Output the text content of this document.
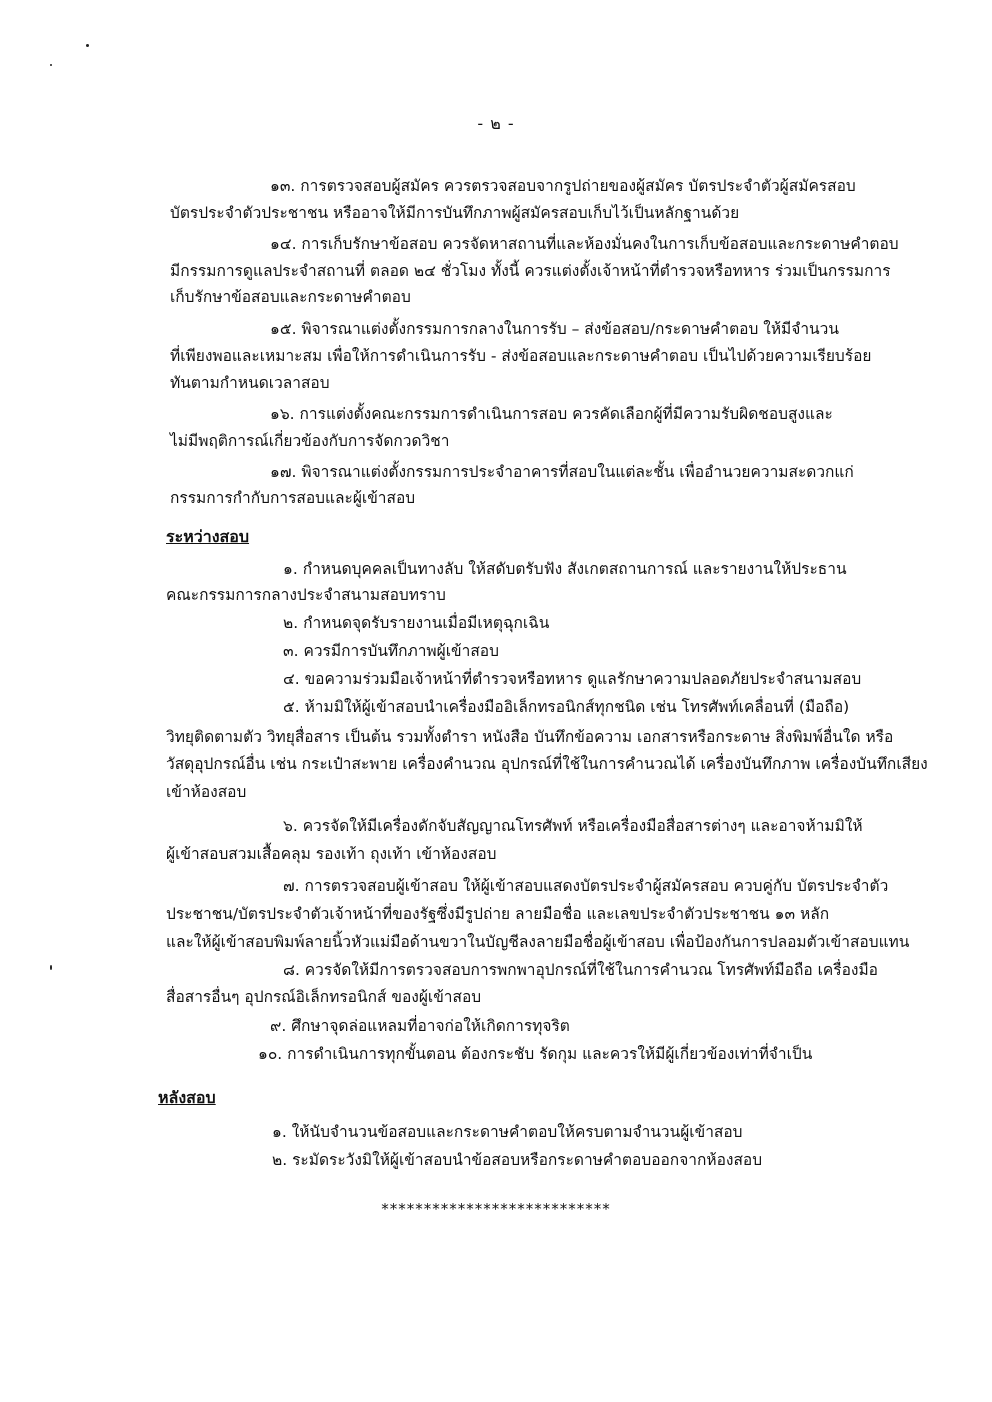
- ๒ -
๑๓. การตรวจสอบผู้สมัคร ควรตรวจสอบจากรูปถ่ายของผู้สมัคร บัตรประจำตัวผู้สมัครสอบ
บัตรประจำตัวประชาชน หรืออาจให้มีการบันทึกภาพผู้สมัครสอบเก็บไว้เป็นหลักฐานด้วย
๑๔. การเก็บรักษาข้อสอบ ควรจัดหาสถานที่และห้องมั่นคงในการเก็บข้อสอบและกระดาษคำตอบ
มีกรรมการดูแลประจำสถานที่ ตลอด ๒๔ ชั่วโมง ทั้งนี้ ควรแต่งตั้งเจ้าหน้าที่ตำรวจหรือทหาร ร่วมเป็นกรรมการ
เก็บรักษาข้อสอบและกระดาษคำตอบ
๑๕. พิจารณาแต่งตั้งกรรมการกลางในการรับ – ส่งข้อสอบ/กระดาษคำตอบ ให้มีจำนวน
ที่เพียงพอและเหมาะสม เพื่อให้การดำเนินการรับ - ส่งข้อสอบและกระดาษคำตอบ เป็นไปด้วยความเรียบร้อย
ทันตามกำหนดเวลาสอบ
๑๖. การแต่งตั้งคณะกรรมการดำเนินการสอบ ควรคัดเลือกผู้ที่มีความรับผิดชอบสูงและ
ไม่มีพฤติการณ์เกี่ยวข้องกับการจัดกวดวิชา
๑๗. พิจารณาแต่งตั้งกรรมการประจำอาคารที่สอบในแต่ละชั้น เพื่ออำนวยความสะดวกแก่
กรรมการกำกับการสอบและผู้เข้าสอบ
ระหว่างสอบ
๑. กำหนดบุคคลเป็นทางลับ ให้สดับตรับฟัง สังเกตสถานการณ์ และรายงานให้ประธาน
คณะกรรมการกลางประจำสนามสอบทราบ
๒. กำหนดจุดรับรายงานเมื่อมีเหตุฉุกเฉิน
๓. ควรมีการบันทึกภาพผู้เข้าสอบ
๔. ขอความร่วมมือเจ้าหน้าที่ตำรวจหรือทหาร ดูแลรักษาความปลอดภัยประจำสนามสอบ
๕. ห้ามมิให้ผู้เข้าสอบนำเครื่องมืออิเล็กทรอนิกส์ทุกชนิด เช่น โทรศัพท์เคลื่อนที่ (มือถือ)
วิทยุติดตามตัว วิทยุสื่อสาร เป็นต้น รวมทั้งตำรา หนังสือ บันทึกข้อความ เอกสารหรือกระดาษ สิ่งพิมพ์อื่นใด หรือ
วัสดุอุปกรณ์อื่น เช่น กระเป๋าสะพาย เครื่องคำนวณ อุปกรณ์ที่ใช้ในการคำนวณได้ เครื่องบันทึกภาพ เครื่องบันทึกเสียง
เข้าห้องสอบ
๖. ควรจัดให้มีเครื่องดักจับสัญญาณโทรศัพท์ หรือเครื่องมือสื่อสารต่างๆ และอาจห้ามมิให้
ผู้เข้าสอบสวมเสื้อคลุม รองเท้า ถุงเท้า เข้าห้องสอบ
๗. การตรวจสอบผู้เข้าสอบ ให้ผู้เข้าสอบแสดงบัตรประจำผู้สมัครสอบ ควบคู่กับ บัตรประจำตัว
ประชาชน/บัตรประจำตัวเจ้าหน้าที่ของรัฐซึ่งมีรูปถ่าย ลายมือชื่อ และเลขประจำตัวประชาชน ๑๓ หลัก
และให้ผู้เข้าสอบพิมพ์ลายนิ้วหัวแม่มือด้านขวาในบัญชีลงลายมือชื่อผู้เข้าสอบ เพื่อป้องกันการปลอมตัวเข้าสอบแทน
๘. ควรจัดให้มีการตรวจสอบการพกพาอุปกรณ์ที่ใช้ในการคำนวณ โทรศัพท์มือถือ เครื่องมือ
สื่อสารอื่นๆ อุปกรณ์อิเล็กทรอนิกส์ ของผู้เข้าสอบ
๙. ศึกษาจุดล่อแหลมที่อาจก่อให้เกิดการทุจริต
๑๐. การดำเนินการทุกขั้นตอน ต้องกระชับ รัดกุม และควรให้มีผู้เกี่ยวข้องเท่าที่จำเป็น
หลังสอบ
๑. ให้นับจำนวนข้อสอบและกระดาษคำตอบให้ครบตามจำนวนผู้เข้าสอบ
๒. ระมัดระวังมิให้ผู้เข้าสอบนำข้อสอบหรือกระดาษคำตอบออกจากห้องสอบ
***************************
